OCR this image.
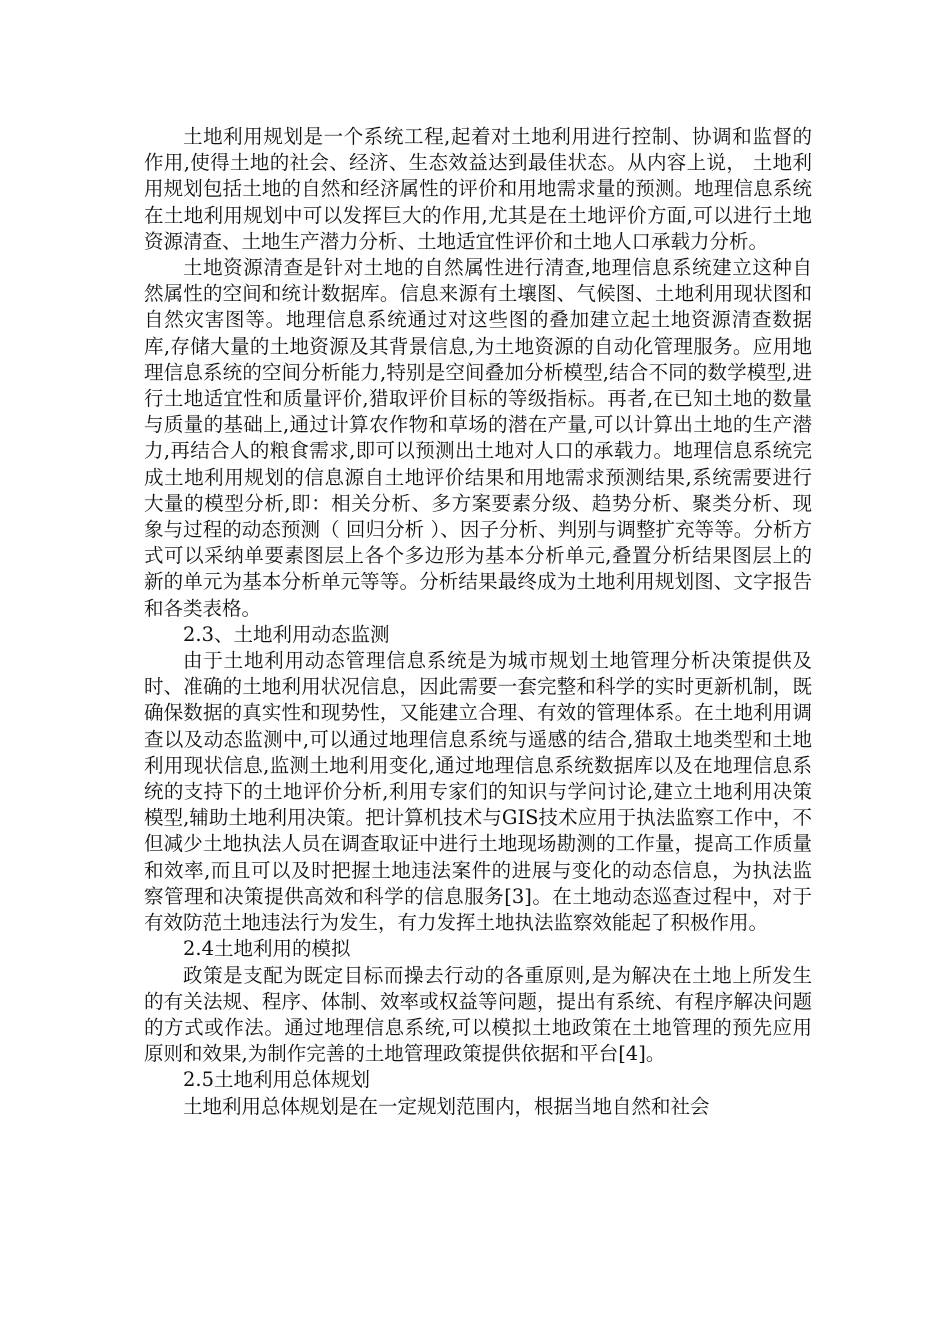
土地利用规划是一个系统工程,起着对土地利用进行控制、协调和监督的作用,使得土地的社会、经济、生态效益达到最佳状态。从内容上说， 土地利用规划包括土地的自然和经济属性的评价和用地需求量的预测。地理信息系统在土地利用规划中可以发挥巨大的作用,尤其是在土地评价方面,可以进行土地资源清查、土地生产潜力分析、土地适宜性评价和土地人口承载力分析。

土地资源清查是针对土地的自然属性进行清查,地理信息系统建立这种自然属性的空间和统计数据库。信息来源有土壤图、气候图、土地利用现状图和自然灾害图等。地理信息系统通过对这些图的叠加建立起土地资源清查数据库,存储大量的土地资源及其背景信息,为土地资源的自动化管理服务。应用地理信息系统的空间分析能力,特别是空间叠加分析模型,结合不同的数学模型,进行土地适宜性和质量评价,猎取评价目标的等级指标。再者,在已知土地的数量与质量的基础上,通过计算农作物和草场的潜在产量,可以计算出土地的生产潜力,再结合人的粮食需求,即可以预测出土地对人口的承载力。地理信息系统完成土地利用规划的信息源自土地评价结果和用地需求预测结果,系统需要进行大量的模型分析,即：相关分析、多方案要素分级、趋势分析、聚类分析、现象与过程的动态预测（ 回归分析 ）、因子分析、判别与调整扩充等等。分析方式可以采纳单要素图层上各个多边形为基本分析单元,叠置分析结果图层上的新的单元为基本分析单元等等。分析结果最终成为土地利用规划图、文字报告和各类表格。

2.3、土地利用动态监测

由于土地利用动态管理信息系统是为城市规划土地管理分析决策提供及时、准确的土地利用状况信息，因此需要一套完整和科学的实时更新机制，既确保数据的真实性和现势性，又能建立合理、有效的管理体系。在土地利用调查以及动态监测中,可以通过地理信息系统与遥感的结合,猎取土地类型和土地利用现状信息,监测土地利用变化,通过地理信息系统数据库以及在地理信息系统的支持下的土地评价分析,利用专家们的知识与学问讨论,建立土地利用决策模型,辅助土地利用决策。把计算机技术与GIS技术应用于执法监察工作中，不但减少土地执法人员在调查取证中进行土地现场勘测的工作量，提高工作质量和效率,而且可以及时把握土地违法案件的进展与变化的动态信息，为执法监察管理和决策提供高效和科学的信息服务[3]。在土地动态巡查过程中，对于有效防范土地违法行为发生，有力发挥土地执法监察效能起了积极作用。

2.4土地利用的模拟

政策是支配为既定目标而操去行动的各重原则,是为解决在土地上所发生的有关法规、程序、体制、效率或权益等问题，提出有系统、有程序解决问题的方式或作法。通过地理信息系统,可以模拟土地政策在土地管理的预先应用原则和效果,为制作完善的土地管理政策提供依据和平台[4]。

2.5土地利用总体规划

土地利用总体规划是在一定规划范围内，根据当地自然和社会
